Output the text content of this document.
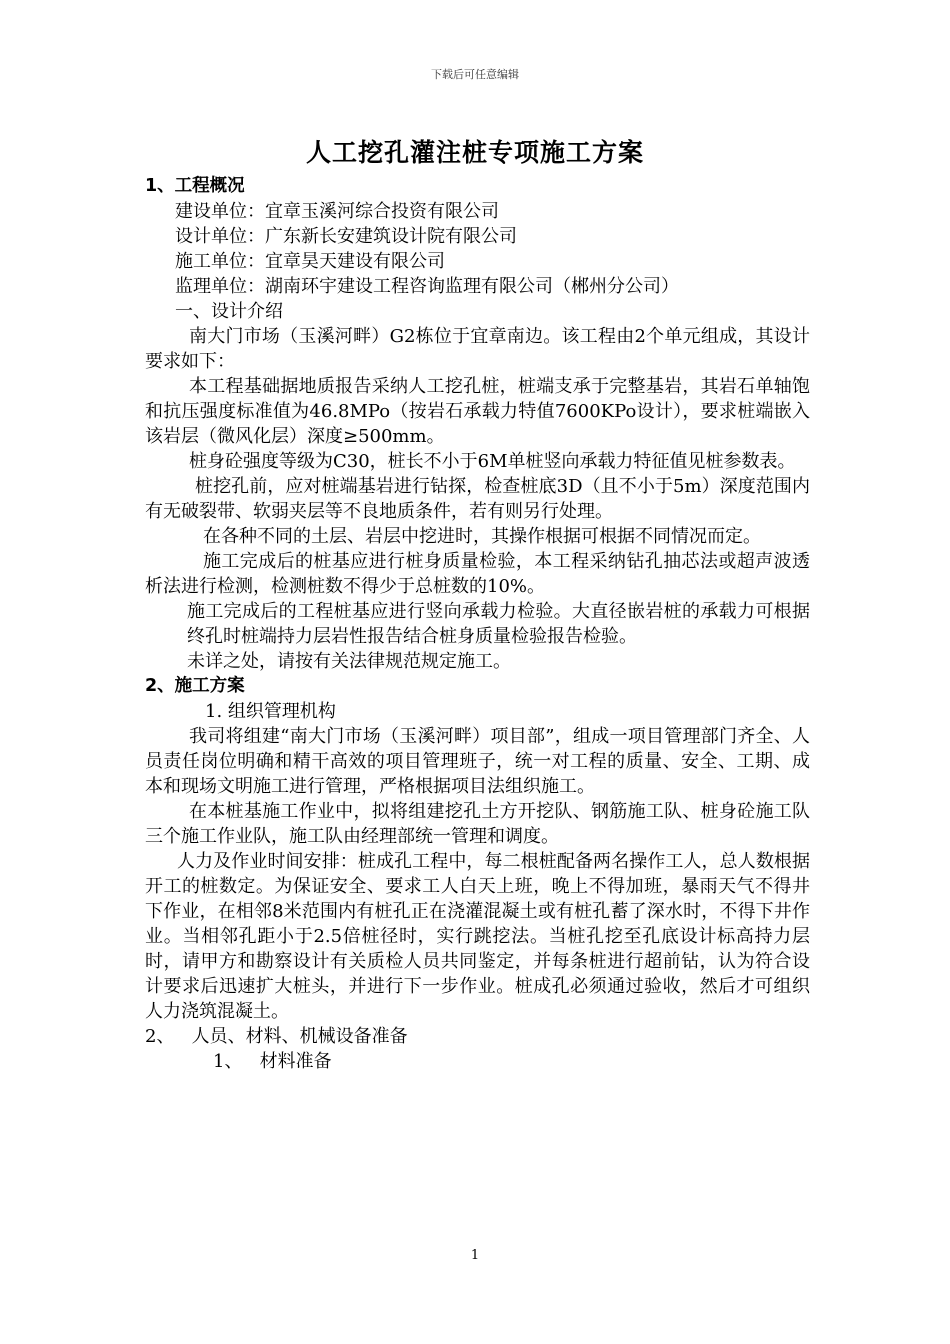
下载后可任意编辑
人工挖孔灌注桩专项施工方案
1、工程概况
建设单位：宜章玉溪河综合投资有限公司
设计单位：广东新长安建筑设计院有限公司
施工单位：宜章昊天建设有限公司
监理单位：湖南环宇建设工程咨询监理有限公司（郴州分公司）
一、设计介绍
南大门市场（玉溪河畔）G2栋位于宜章南边。该工程由2个单元组成，其设计要求如下：
本工程基础据地质报告采纳人工挖孔桩，桩端支承于完整基岩，其岩石单轴饱和抗压强度标准值为46.8MPo（按岩石承载力特值7600KPo设计），要求桩端嵌入该岩层（微风化层）深度≥500mm。
桩身砼强度等级为C30，桩长不小于6M单桩竖向承载力特征值见桩参数表。
桩挖孔前，应对桩端基岩进行钻探，检查桩底3D（且不小于5m）深度范围内有无破裂带、软弱夹层等不良地质条件，若有则另行处理。
在各种不同的土层、岩层中挖进时，其操作根据可根据不同情况而定。
施工完成后的桩基应进行桩身质量检验，本工程采纳钻孔抽芯法或超声波透析法进行检测，检测桩数不得少于总桩数的10%。
施工完成后的工程桩基应进行竖向承载力检验。大直径嵌岩桩的承载力可根据终孔时桩端持力层岩性报告结合桩身质量检验报告检验。
未详之处，请按有关法律规范规定施工。
2、施工方案
1. 组织管理机构
我司将组建“南大门市场（玉溪河畔）项目部”，组成一项目管理部门齐全、人员责任岗位明确和精干高效的项目管理班子，统一对工程的质量、安全、工期、成本和现场文明施工进行管理，严格根据项目法组织施工。
在本桩基施工作业中，拟将组建挖孔土方开挖队、钢筋施工队、桩身砼施工队三个施工作业队，施工队由经理部统一管理和调度。
人力及作业时间安排：桩成孔工程中，每二根桩配备两名操作工人，总人数根据开工的桩数定。为保证安全、要求工人白天上班，晚上不得加班，暴雨天气不得井下作业，在相邻8米范围内有桩孔正在浇灌混凝土或有桩孔蓄了深水时，不得下井作业。当相邻孔距小于2.5倍桩径时，实行跳挖法。当桩孔挖至孔底设计标高持力层时，请甲方和勘察设计有关质检人员共同鉴定，并每条桩进行超前钻，认为符合设计要求后迅速扩大桩头，并进行下一步作业。桩成孔必须通过验收，然后才可组织人力浇筑混凝土。
2、   人员、材料、机械设备准备
1、   材料准备
1
